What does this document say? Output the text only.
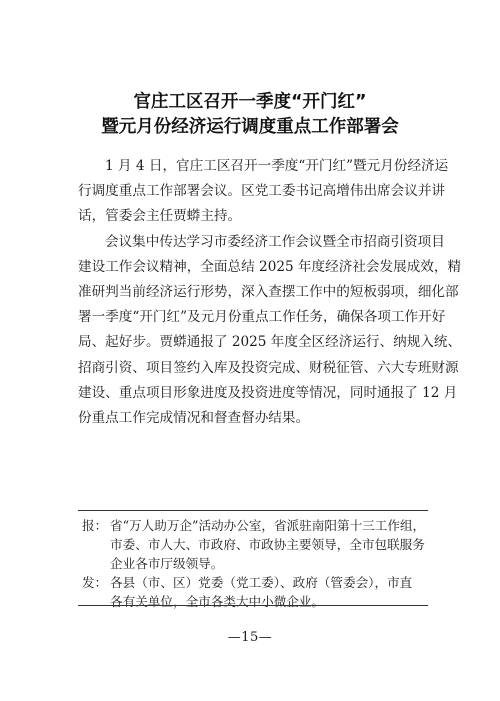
官庄工区召开一季度“开门红”
暨元月份经济运行调度重点工作部署会

1 月 4 日，官庄工区召开一季度“开门红”暨元月份经济运
行调度重点工作部署会议。区党工委书记高增伟出席会议并讲
话，管委会主任贾蟒主持。

会议集中传达学习市委经济工作会议暨全市招商引资项目
建设工作会议精神，全面总结 2025 年度经济社会发展成效，精
准研判当前经济运行形势，深入查摆工作中的短板弱项，细化部
署一季度“开门红”及元月份重点工作任务，确保各项工作开好
局、起好步。贾蟒通报了 2025 年度全区经济运行、纳规入统、
招商引资、项目签约入库及投资完成、财税征管、六大专班财源
建设、重点项目形象进度及投资进度等情况，同时通报了 12 月
份重点工作完成情况和督查督办结果。

报： 省“万人助万企”活动办公室，省派驻南阳第十三工作组，
市委、市人大、市政府、市政协主要领导，全市包联服务
企业各市厅级领导。
发： 各县（市、区）党委（党工委）、政府（管委会），市直
各有关单位，全市各类大中小微企业。
—15—
